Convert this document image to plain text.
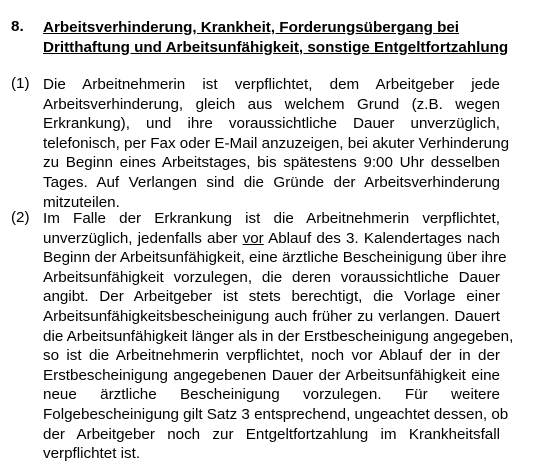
8. Arbeitsverhinderung, Krankheit, Forderungsübergang bei
Dritthaftung und Arbeitsunfähigkeit, sonstige Entgeltfortzahlung
(1) Die Arbeitnehmerin ist verpflichtet, dem Arbeitgeber jede
Arbeitsverhinderung, gleich aus welchem Grund (z.B. wegen
Erkrankung), und ihre voraussichtliche Dauer unverzüglich,
telefonisch, per Fax oder E-Mail anzuzeigen, bei akuter Verhinderung
zu Beginn eines Arbeitstages, bis spätestens 9:00 Uhr desselben
Tages. Auf Verlangen sind die Gründe der Arbeitsverhinderung
mitzuteilen.
(2) Im Falle der Erkrankung ist die Arbeitnehmerin verpflichtet,
unverzüglich, jedenfalls aber vor Ablauf des 3. Kalendertages nach
Beginn der Arbeitsunfähigkeit, eine ärztliche Bescheinigung über ihre
Arbeitsunfähigkeit vorzulegen, die deren voraussichtliche Dauer
angibt. Der Arbeitgeber ist stets berechtigt, die Vorlage einer
Arbeitsunfähigkeitsbescheinigung auch früher zu verlangen. Dauert
die Arbeitsunfähigkeit länger als in der Erstbescheinigung angegeben,
so ist die Arbeitnehmerin verpflichtet, noch vor Ablauf der in der
Erstbescheinigung angegebenen Dauer der Arbeitsunfähigkeit eine
neue ärztliche Bescheinigung vorzulegen. Für weitere
Folgebescheinigung gilt Satz 3 entsprechend, ungeachtet dessen, ob
der Arbeitgeber noch zur Entgeltfortzahlung im Krankheitsfall
verpflichtet ist.
